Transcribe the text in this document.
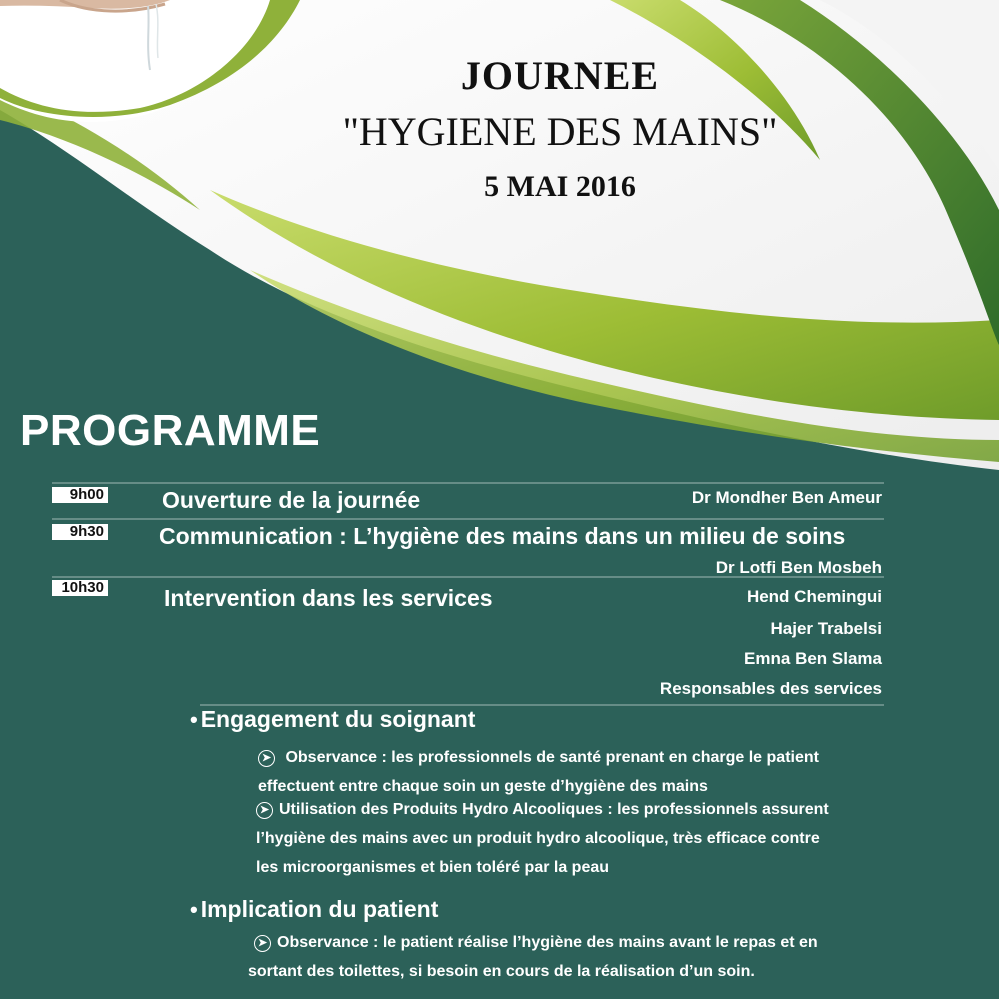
JOURNEE
"HYGIENE DES MAINS"
5 MAI 2016
PROGRAMME
9h00	Ouverture de la journée	Dr Mondher Ben Ameur
9h30 Communication : L’hygiène des mains dans un milieu de soins
Dr Lotfi Ben Mosbeh
10h30	Intervention dans les services	Hend Chemingui
Hajer Trabelsi
Emna Ben Slama
Responsables des services
• Engagement du soignant
➤ Observance : les professionnels de santé prenant en charge le patient
effectuent entre chaque soin un geste d’hygiène des mains
➤ Utilisation des Produits Hydro Alcooliques : les professionnels assurent
l’hygiène des mains avec un produit hydro alcoolique, très efficace contre
les microorganismes et bien toléré par la peau
• Implication du patient
➤ Observance : le patient réalise l’hygiène des mains avant le repas et en
sortant des toilettes, si besoin en cours de la réalisation d’un soin.
